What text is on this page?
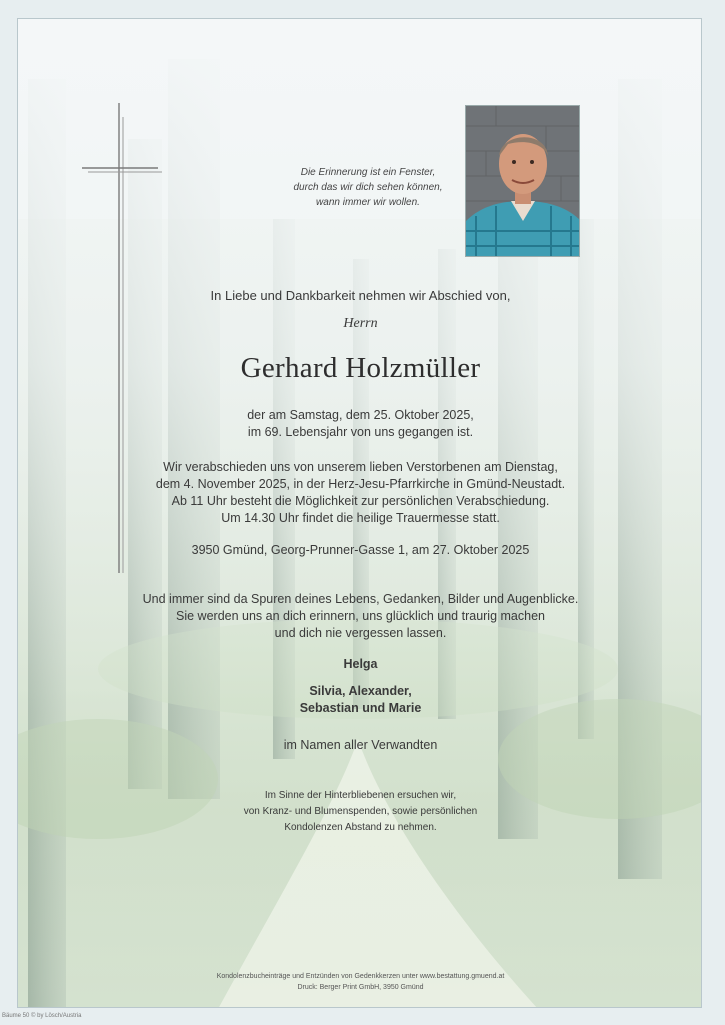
Die Erinnerung ist ein Fenster,
durch das wir dich sehen können,
wann immer wir wollen.
In Liebe und Dankbarkeit nehmen wir Abschied von,
Herrn
Gerhard Holzmüller
der am Samstag, dem 25. Oktober 2025,
im 69. Lebensjahr von uns gegangen ist.
Wir verabschieden uns von unserem lieben Verstorbenen am Dienstag,
dem 4. November 2025, in der Herz-Jesu-Pfarrkirche in Gmünd-Neustadt.
Ab 11 Uhr besteht die Möglichkeit zur persönlichen Verabschiedung.
Um 14.30 Uhr findet die heilige Trauermesse statt.
3950 Gmünd, Georg-Prunner-Gasse 1, am 27. Oktober 2025
Und immer sind da Spuren deines Lebens, Gedanken, Bilder und Augenblicke.
Sie werden uns an dich erinnern, uns glücklich und traurig machen
und dich nie vergessen lassen.
Helga
Silvia, Alexander,
Sebastian und Marie
im Namen aller Verwandten
Im Sinne der Hinterbliebenen ersuchen wir,
von Kranz- und Blumenspenden, sowie persönlichen
Kondolenzen Abstand zu nehmen.
Kondolenzbucheinträge und Entzünden von Gedenkkerzen unter www.bestattung.gmuend.at
Druck: Berger Print GmbH, 3950 Gmünd
Bäume 50 © by Lösch/Austria
